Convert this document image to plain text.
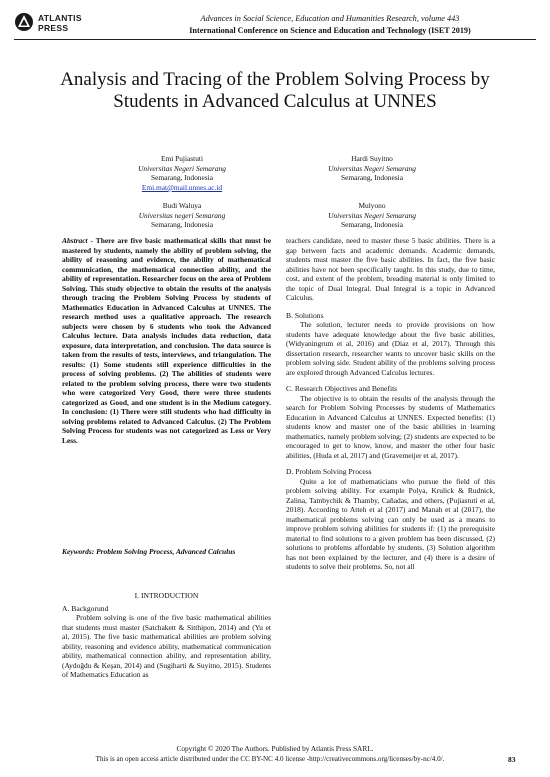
ATLANTIS
PRESS
Advances in Social Science, Education and Humanities Research, volume 443
International Conference on Science and Education and Technology (ISET 2019)
Analysis and Tracing of the Problem Solving Process by Students in Advanced Calculus at UNNES
Emi Pujiastuti
Universitas Negeri Semarang
Semarang, Indonesia
Emi.mat@mail.unnes.ac.id
Hardi Suyitno
Universitas Negeri Semarang
Semarang, Indonesia
Budi Waluya
Universitas negeri Semarang
Semarang, Indonesia
Mulyono
Universitas Negeri Semarang
Semarang, Indonesia

Abstract - There are five basic mathematical skills that must be mastered by students, namely the ability of problem solving, the ability of reasoning and evidence, the ability of mathematical communication, the mathematical connection ability, and the ability of representation. Researcher focus on the area of Problem Solving. This study objective to obtain the results of the analysis through tracing the Problem Solving Process by students of Mathematics Education in Advanced Calculus at UNNES. The research method uses a qualitative approach. The research subjects were chosen by 6 students who took the Advanced Calculus lecture. Data analysis includes data reduction, data exposure, data interpretation, and conclusion. The data source is taken from the results of tests, interviews, and triangulation. The results: (1) Some students still experience difficulties in the process of solving problems. (2) The abilities of students were related to the problem solving process, there were two students who were categorized Very Good, there were three students categorized as Good, and one student is in the Medium category. In conclusion: (1) There were still students who had difficulty in solving problems related to Advanced Calculus. (2) The Problem Solving Process for students was not categorized as Less or Very Less.

Keywords: Problem Solving Process, Advanced Calculus

I. INTRODUCTION
A. Backgorund

Problem solving is one of the five basic mathematical abilities that students must master (Satchakett & Sitthipon, 2014) and (Yu et al, 2015). The five basic mathematical abilities are problem solving ability, reasoning and evidence ability, mathematical communication ability, mathematical connection ability, and representation ability, (Aydoğdu & Keşan, 2014) and (Sugiharti & Suyitno, 2015). Students of Mathematics Education as

teachers candidate, need to master these 5 basic abilities. There is a gap between facts and academic demands. Academic demands, students must master the five basic abilities. In fact, the five basic abilities have not been specifically taught. In this study, due to time, cost, and extent of the problem, breading material is only limited to the topic of Dual Integral. Dual Integral is a topic in Advanced Calculus.

B. Solutions

The solution, lecturer needs to provide provisions on how students have adequate knowledge about the five basic abilities, (Widyaningrum et al, 2016) and (Diaz et al, 2017). Through this dissertation research, researcher wants to uncover basic skills on the problem solving side. Student ability of the problems solving process are explored through Advanced Calculus lectures.

C. Research Objectives and Benefits

The objective is to obtain the results of the analysis through the search for Problem Solving Processes by students of Mathematics Education in Advanced Calculus at UNNES. Expected benefits: (1) students know and master one of the basic abilities in learning mathematics, namely problem solving; (2) students are expected to be encouraged to get to know, know, and master the other four basic abilities, (Huda et al, 2017) and (Gravemeijer et al, 2017).

D. Problem Solving Process

Quite a lot of mathematicians who pursue the field of this problem solving ability. For example Polya, Krulick & Rudnick, Zalina, Tambychik & Thamby, Cañadas, and others, (Pujiastuti et al, 2018). According to Atteh et al (2017) and Manah et al (2017), the mathematical problems solving can only be used as a means to improve problem solving abilities for students if: (1) the prerequisite material to find solutions to a given problem has been discussed, (2) solutions to problems affordable by students, (3) Solution algorithm has not been explained by the lecturer, and (4) there is a desire of students to solve their problems. So, not all

Copyright © 2020 The Authors. Published by Atlantis Press SARL.
This is an open access article distributed under the CC BY-NC 4.0 license -http://creativecommons.org/licenses/by-nc/4.0/.	83
